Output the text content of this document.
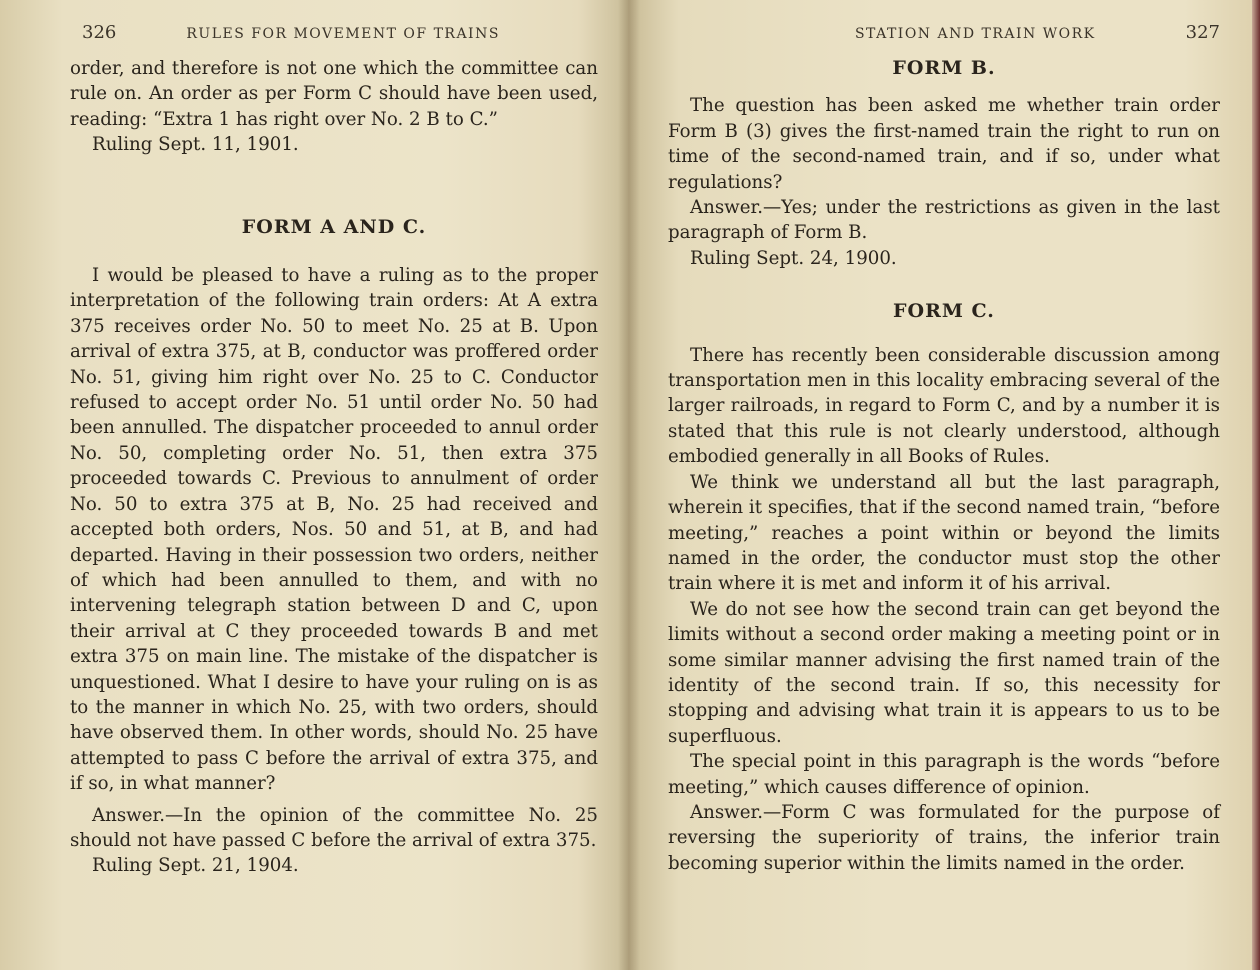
326	RULES FOR MOVEMENT OF TRAINS

order, and therefore is not one which the committee can rule on. An order as per Form C should have been used, reading: “Extra 1 has right over No. 2 B to C.”

Ruling Sept. 11, 1901.

FORM A AND C.

I would be pleased to have a ruling as to the proper interpretation of the following train orders: At A extra 375 receives order No. 50 to meet No. 25 at B. Upon arrival of extra 375, at B, conductor was proffered order No. 51, giving him right over No. 25 to C. Conductor refused to accept order No. 51 until order No. 50 had been annulled. The dispatcher proceeded to annul order No. 50, completing order No. 51, then extra 375 proceeded towards C. Previous to annulment of order No. 50 to extra 375 at B, No. 25 had received and accepted both orders, Nos. 50 and 51, at B, and had departed. Having in their possession two orders, neither of which had been annulled to them, and with no intervening telegraph station between D and C, upon their arrival at C they proceeded towards B and met extra 375 on main line. The mistake of the dispatcher is unquestioned. What I desire to have your ruling on is as to the manner in which No. 25, with two orders, should have observed them. In other words, should No. 25 have attempted to pass C before the arrival of extra 375, and if so, in what manner?

Answer.—In the opinion of the committee No. 25 should not have passed C before the arrival of extra 375.

Ruling Sept. 21, 1904.

STATION AND TRAIN WORK	327
FORM B.

The question has been asked me whether train order Form B (3) gives the first-named train the right to run on time of the second-named train, and if so, under what regulations?

Answer.—Yes; under the restrictions as given in the last paragraph of Form B.

Ruling Sept. 24, 1900.

FORM C.

There has recently been considerable discussion among transportation men in this locality embracing several of the larger railroads, in regard to Form C, and by a number it is stated that this rule is not clearly understood, although embodied generally in all Books of Rules.

We think we understand all but the last paragraph, wherein it specifies, that if the second named train, “before meeting,” reaches a point within or beyond the limits named in the order, the conductor must stop the other train where it is met and inform it of his arrival.

We do not see how the second train can get beyond the limits without a second order making a meeting point or in some similar manner advising the first named train of the identity of the second train. If so, this necessity for stopping and advising what train it is appears to us to be superfluous.

The special point in this paragraph is the words “before meeting,” which causes difference of opinion.

Answer.—Form C was formulated for the purpose of reversing the superiority of trains, the inferior train becoming superior within the limits named in the order.
